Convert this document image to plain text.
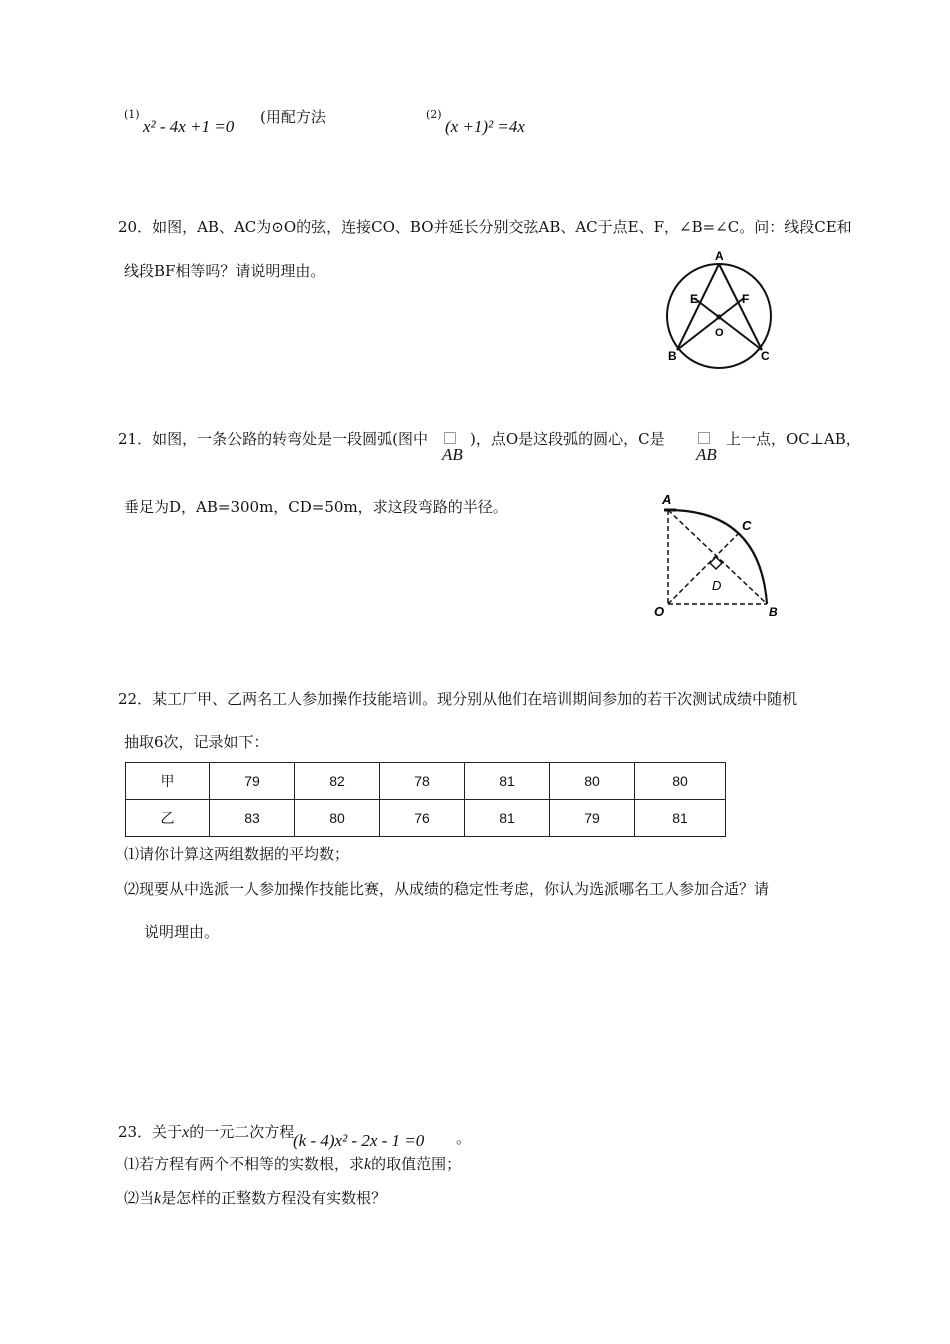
(1)
x² - 4x +1 =0 (用配方法	(2)
(x +1)² =4x
20．如图，AB、AC为⊙O的弦，连接CO、BO并延长分别交弦AB、AC于点E、F，∠B=∠C。问：线段CE和
线段BF相等吗？请说明理由。
A
E	F
O
B	C
21．如图，一条公路的转弯处是一段圆弧(图中
AB
)，点O是这段弧的圆心，C是
AB
上一点，OC⊥AB，
垂足为D，AB=300m，CD=50m，求这段弯路的半径。	A
C
D
O	B
22．某工厂甲、乙两名工人参加操作技能培训。现分别从他们在培训期间参加的若干次测试成绩中随机
抽取6次，记录如下：
甲	79	82	78	81	80	80
乙	83	80	76	81	79	81
⑴请你计算这两组数据的平均数；
⑵现要从中选派一人参加操作技能比赛，从成绩的稳定性考虑，你认为选派哪名工人参加合适？请
说明理由。
23．关于x的一元二次方程
(k - 4)x² - 2x - 1 =0 。
⑴若方程有两个不相等的实数根，求k的取值范围；
⑵当k是怎样的正整数方程没有实数根？
